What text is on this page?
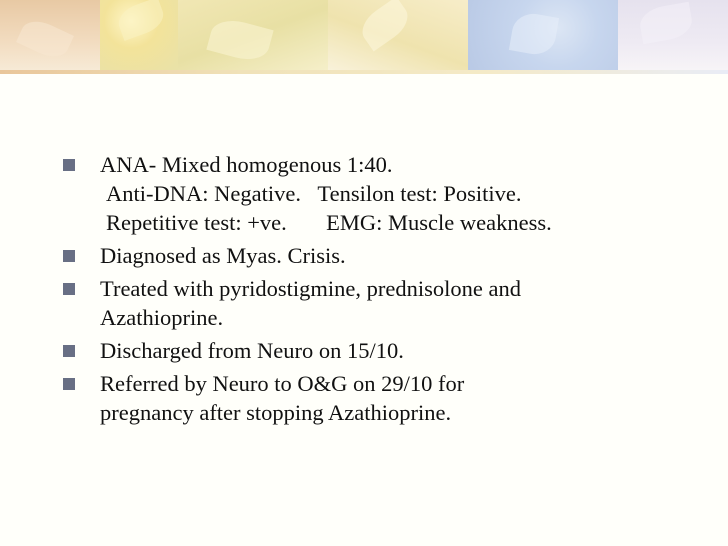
ANA- Mixed homogenous 1:40.
Anti-DNA: Negative.   Tensilon test: Positive.
Repetitive test: +ve.       EMG: Muscle weakness.
Diagnosed as Myas. Crisis.
Treated with pyridostigmine, prednisolone and
Azathioprine.
Discharged from Neuro on 15/10.
Referred by Neuro to O&G on 29/10 for
pregnancy after stopping Azathioprine.
